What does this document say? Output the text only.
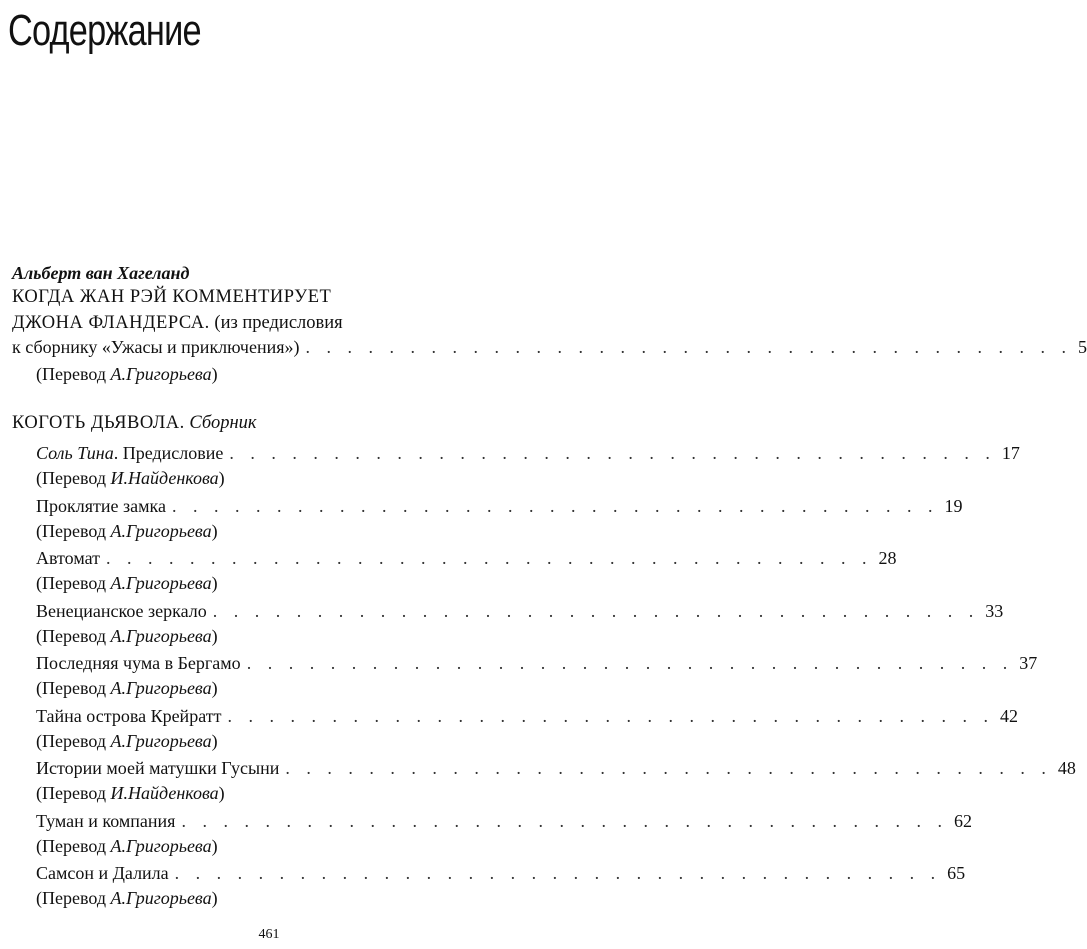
Содержание
Альберт ван Хагеланд
КОГДА ЖАН РЭЙ КОММЕНТИРУЕТ
ДЖОНА ФЛАНДЕРСА. (из предисловия
к сборнику «Ужасы и приключения») . . . . . . . . . . . . . . . . . . . . . . . . . . . . . . . . . . . . . 5
(Перевод А.Григорьева)
КОГОТЬ ДЬЯВОЛА. Сборник
Соль Тина. Предисловие . . . . . . . . . . . . . . . . . . . . . . . . . . . . . . . . . . . . . 17
(Перевод И.Найденкова)
Проклятие замка . . . . . . . . . . . . . . . . . . . . . . . . . . . . . . . . . . . . . 19
(Перевод А.Григорьева)
Автомат . . . . . . . . . . . . . . . . . . . . . . . . . . . . . . . . . . . . . 28
(Перевод А.Григорьева)
Венецианское зеркало . . . . . . . . . . . . . . . . . . . . . . . . . . . . . . . . . . . . . 33
(Перевод А.Григорьева)
Последняя чума в Бергамо . . . . . . . . . . . . . . . . . . . . . . . . . . . . . . . . . . . . . 37
(Перевод А.Григорьева)
Тайна острова Крейратт . . . . . . . . . . . . . . . . . . . . . . . . . . . . . . . . . . . . . 42
(Перевод А.Григорьева)
Истории моей матушки Гусыни . . . . . . . . . . . . . . . . . . . . . . . . . . . . . . . . . . . . . 48
(Перевод И.Найденкова)
Туман и компания . . . . . . . . . . . . . . . . . . . . . . . . . . . . . . . . . . . . . 62
(Перевод А.Григорьева)
Самсон и Далила . . . . . . . . . . . . . . . . . . . . . . . . . . . . . . . . . . . . . 65
(Перевод А.Григорьева)
461
